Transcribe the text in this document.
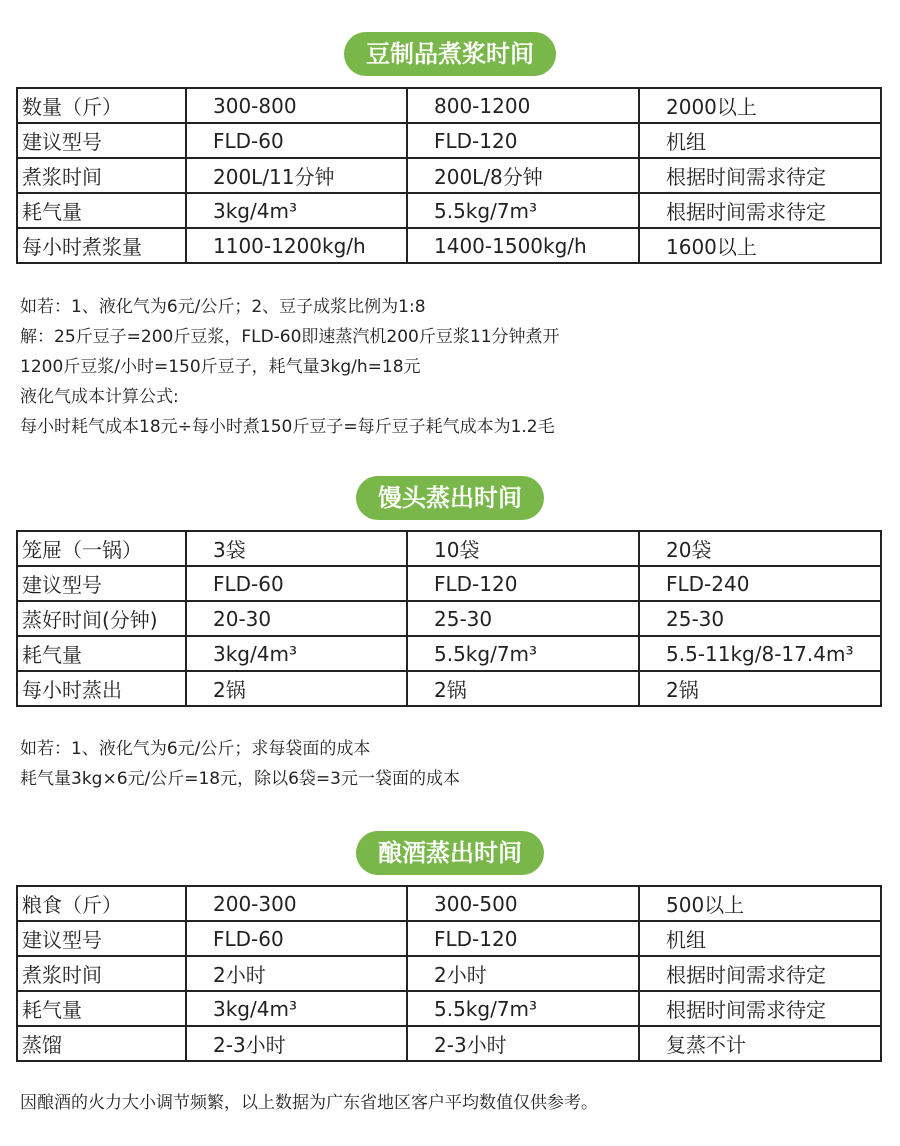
豆制品煮浆时间
数量（斤）	300-800	800-1200	2000以上
建议型号	FLD-60	FLD-120	机组
煮浆时间	200L/11分钟	200L/8分钟	根据时间需求待定
耗气量	3kg/4m³	5.5kg/7m³	根据时间需求待定
每小时煮浆量	1100-1200kg/h	1400-1500kg/h	1600以上

如若：1、液化气为6元/公斤；2、豆子成浆比例为1:8

解：25斤豆子=200斤豆浆，FLD-60即速蒸汽机200斤豆浆11分钟煮开

1200斤豆浆/小时=150斤豆子，耗气量3kg/h=18元

液化气成本计算公式:

每小时耗气成本18元÷每小时煮150斤豆子=每斤豆子耗气成本为1.2毛

馒头蒸出时间
笼屉（一锅）	3袋	10袋	20袋
建议型号	FLD-60	FLD-120	FLD-240
蒸好时间(分钟)	20-30	25-30	25-30
耗气量	3kg/4m³	5.5kg/7m³	5.5-11kg/8-17.4m³
每小时蒸出	2锅	2锅	2锅

如若：1、液化气为6元/公斤；求每袋面的成本

耗气量3kg×6元/公斤=18元，除以6袋=3元一袋面的成本

酿酒蒸出时间
粮食（斤）	200-300	300-500	500以上
建议型号	FLD-60	FLD-120	机组
煮浆时间	2小时	2小时	根据时间需求待定
耗气量	3kg/4m³	5.5kg/7m³	根据时间需求待定
蒸馏	2-3小时	2-3小时	复蒸不计

因酿酒的火力大小调节频繁，以上数据为广东省地区客户平均数值仅供参考。
